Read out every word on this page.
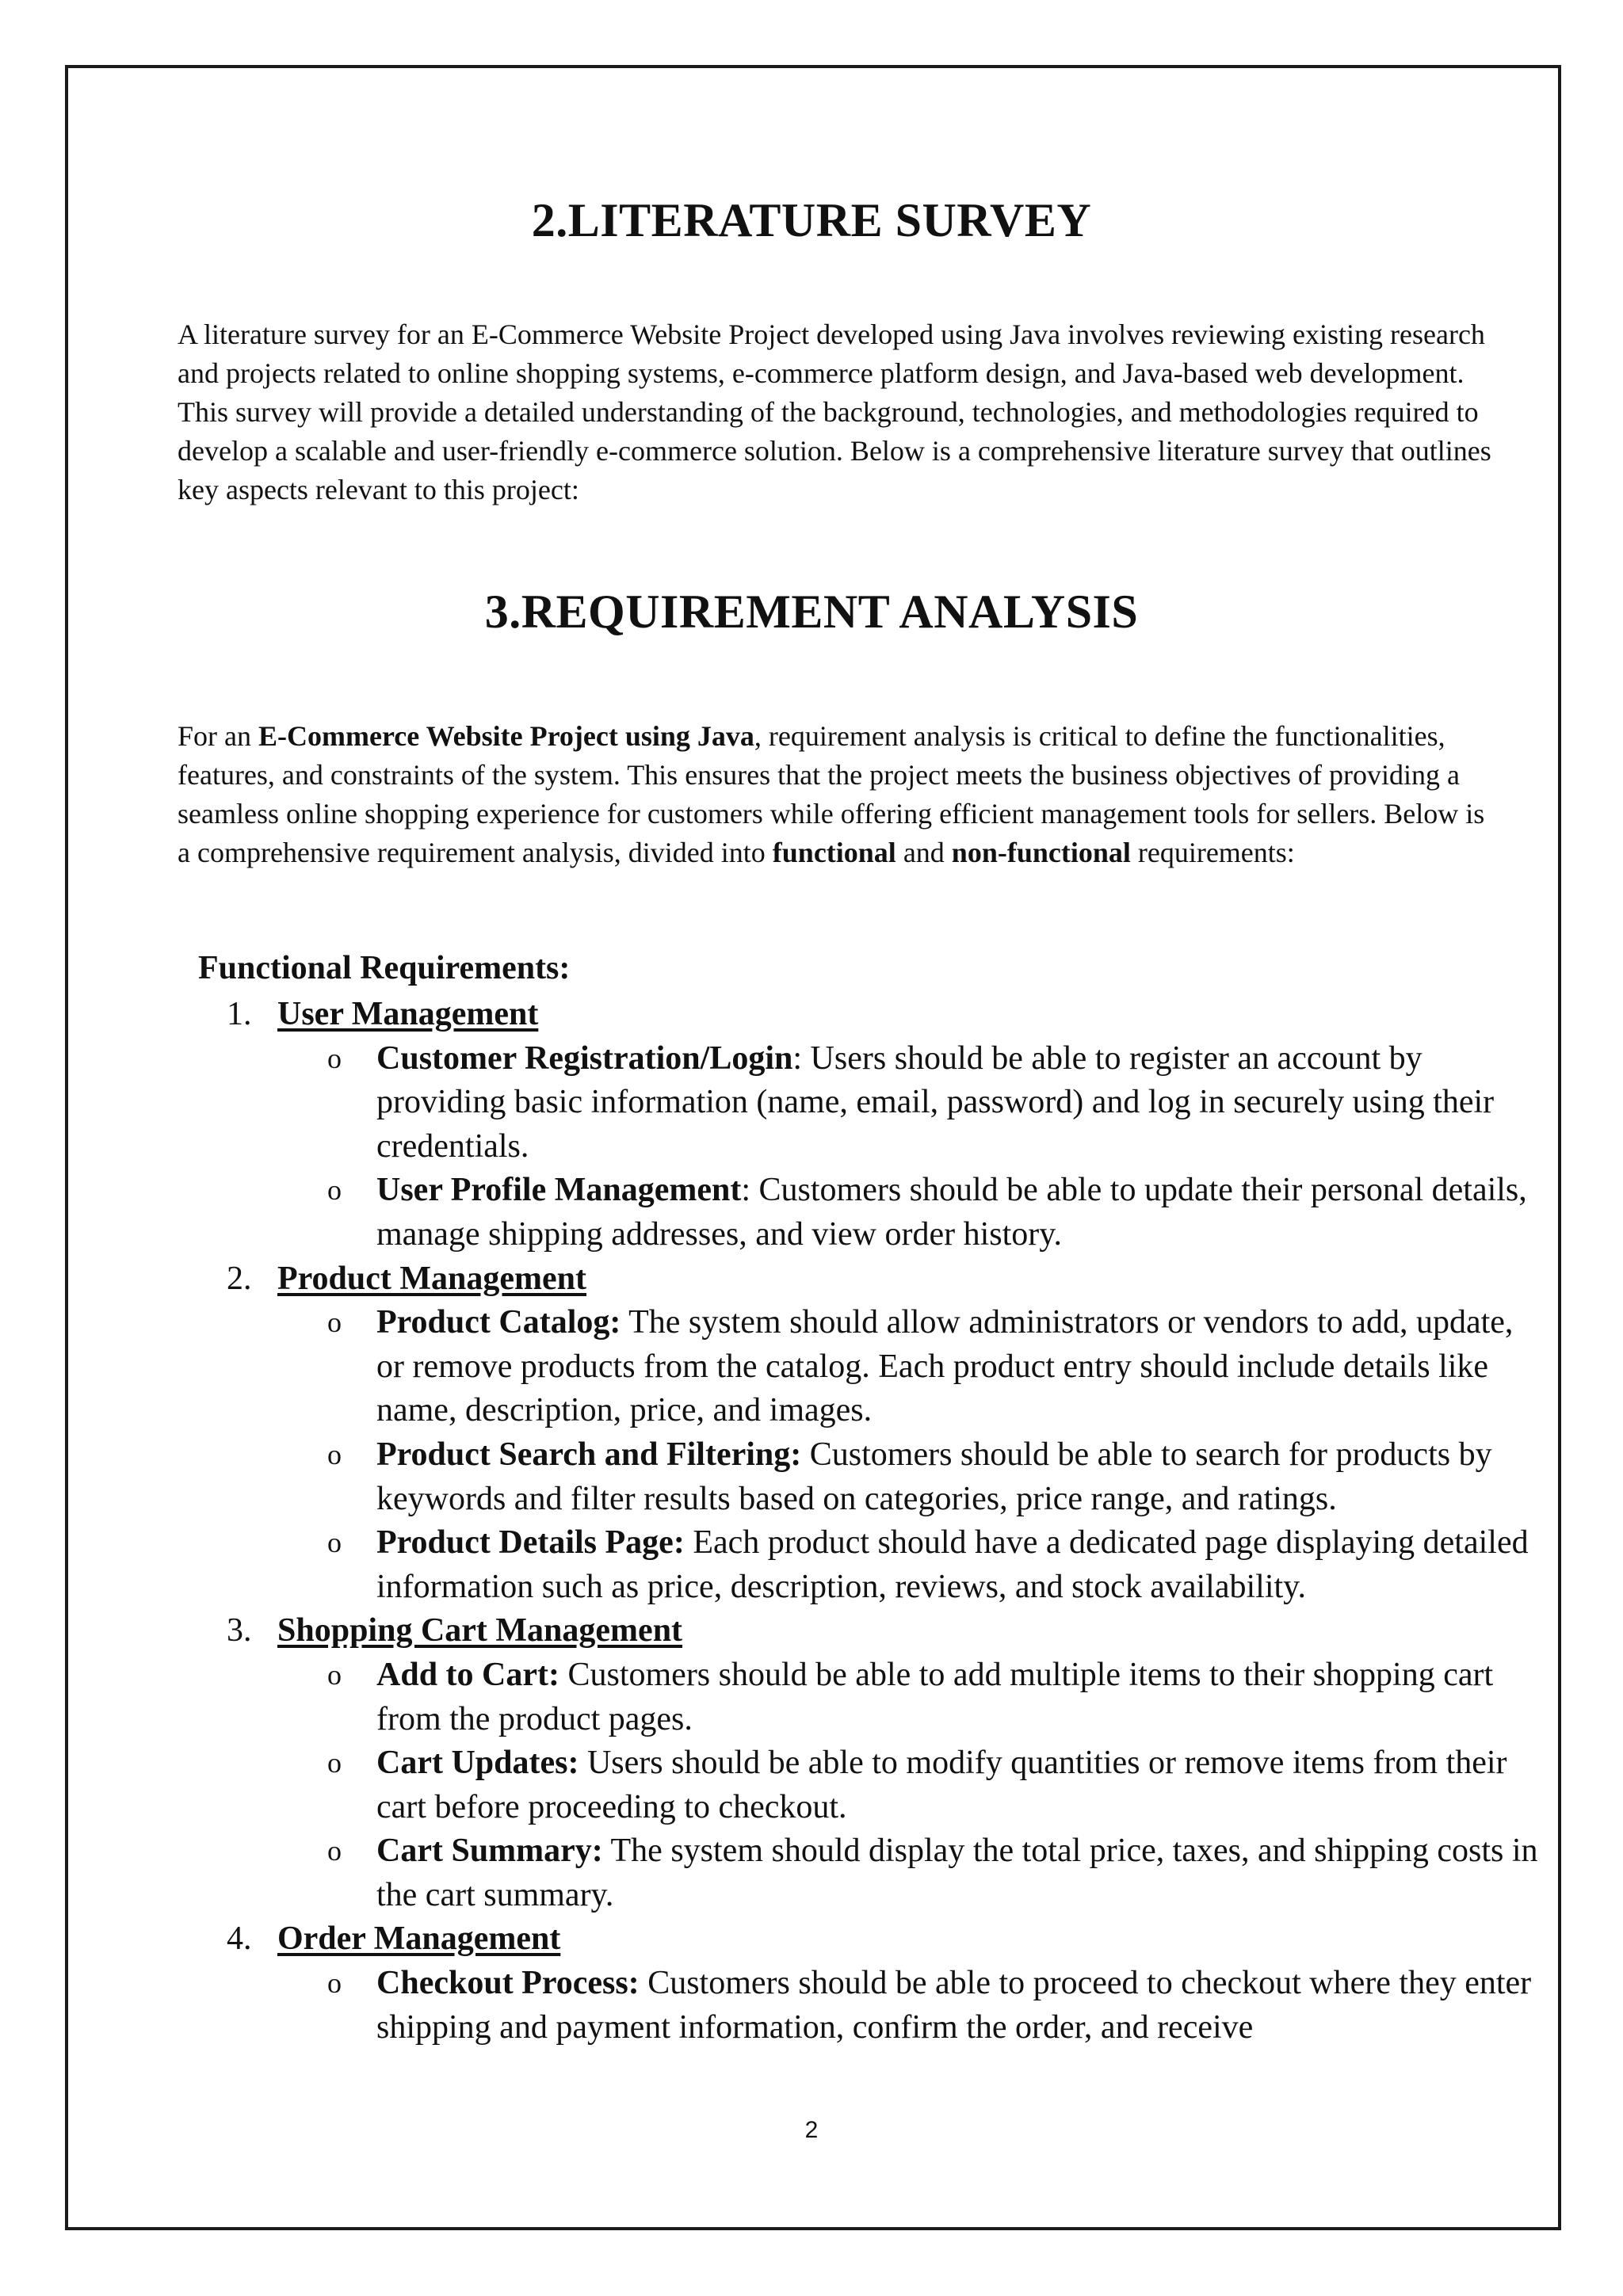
2.LITERATURE SURVEY

A literature survey for an E-Commerce Website Project developed using Java involves reviewing existing research and projects related to online shopping systems, e-commerce platform design, and Java-based web development. This survey will provide a detailed understanding of the background, technologies, and methodologies required to develop a scalable and user-friendly e-commerce solution. Below is a comprehensive literature survey that outlines key aspects relevant to this project:

3.REQUIREMENT ANALYSIS

For an E-Commerce Website Project using Java, requirement analysis is critical to define the functionalities, features, and constraints of the system. This ensures that the project meets the business objectives of providing a seamless online shopping experience for customers while offering efficient management tools for sellers. Below is a comprehensive requirement analysis, divided into functional and non-functional requirements:

Functional Requirements:
1. User Management
o Customer Registration/Login: Users should be able to register an account by providing basic information (name, email, password) and log in securely using their credentials.
o User Profile Management: Customers should be able to update their personal details, manage shipping addresses, and view order history.
2. Product Management
o Product Catalog: The system should allow administrators or vendors to add, update, or remove products from the catalog. Each product entry should include details like name, description, price, and images.
o Product Search and Filtering: Customers should be able to search for products by keywords and filter results based on categories, price range, and ratings.
o Product Details Page: Each product should have a dedicated page displaying detailed information such as price, description, reviews, and stock availability.
3. Shopping Cart Management
o Add to Cart: Customers should be able to add multiple items to their shopping cart from the product pages.
o Cart Updates: Users should be able to modify quantities or remove items from their cart before proceeding to checkout.
o Cart Summary: The system should display the total price, taxes, and shipping costs in the cart summary.
4. Order Management
o Checkout Process: Customers should be able to proceed to checkout where they enter shipping and payment information, confirm the order, and receive
2
